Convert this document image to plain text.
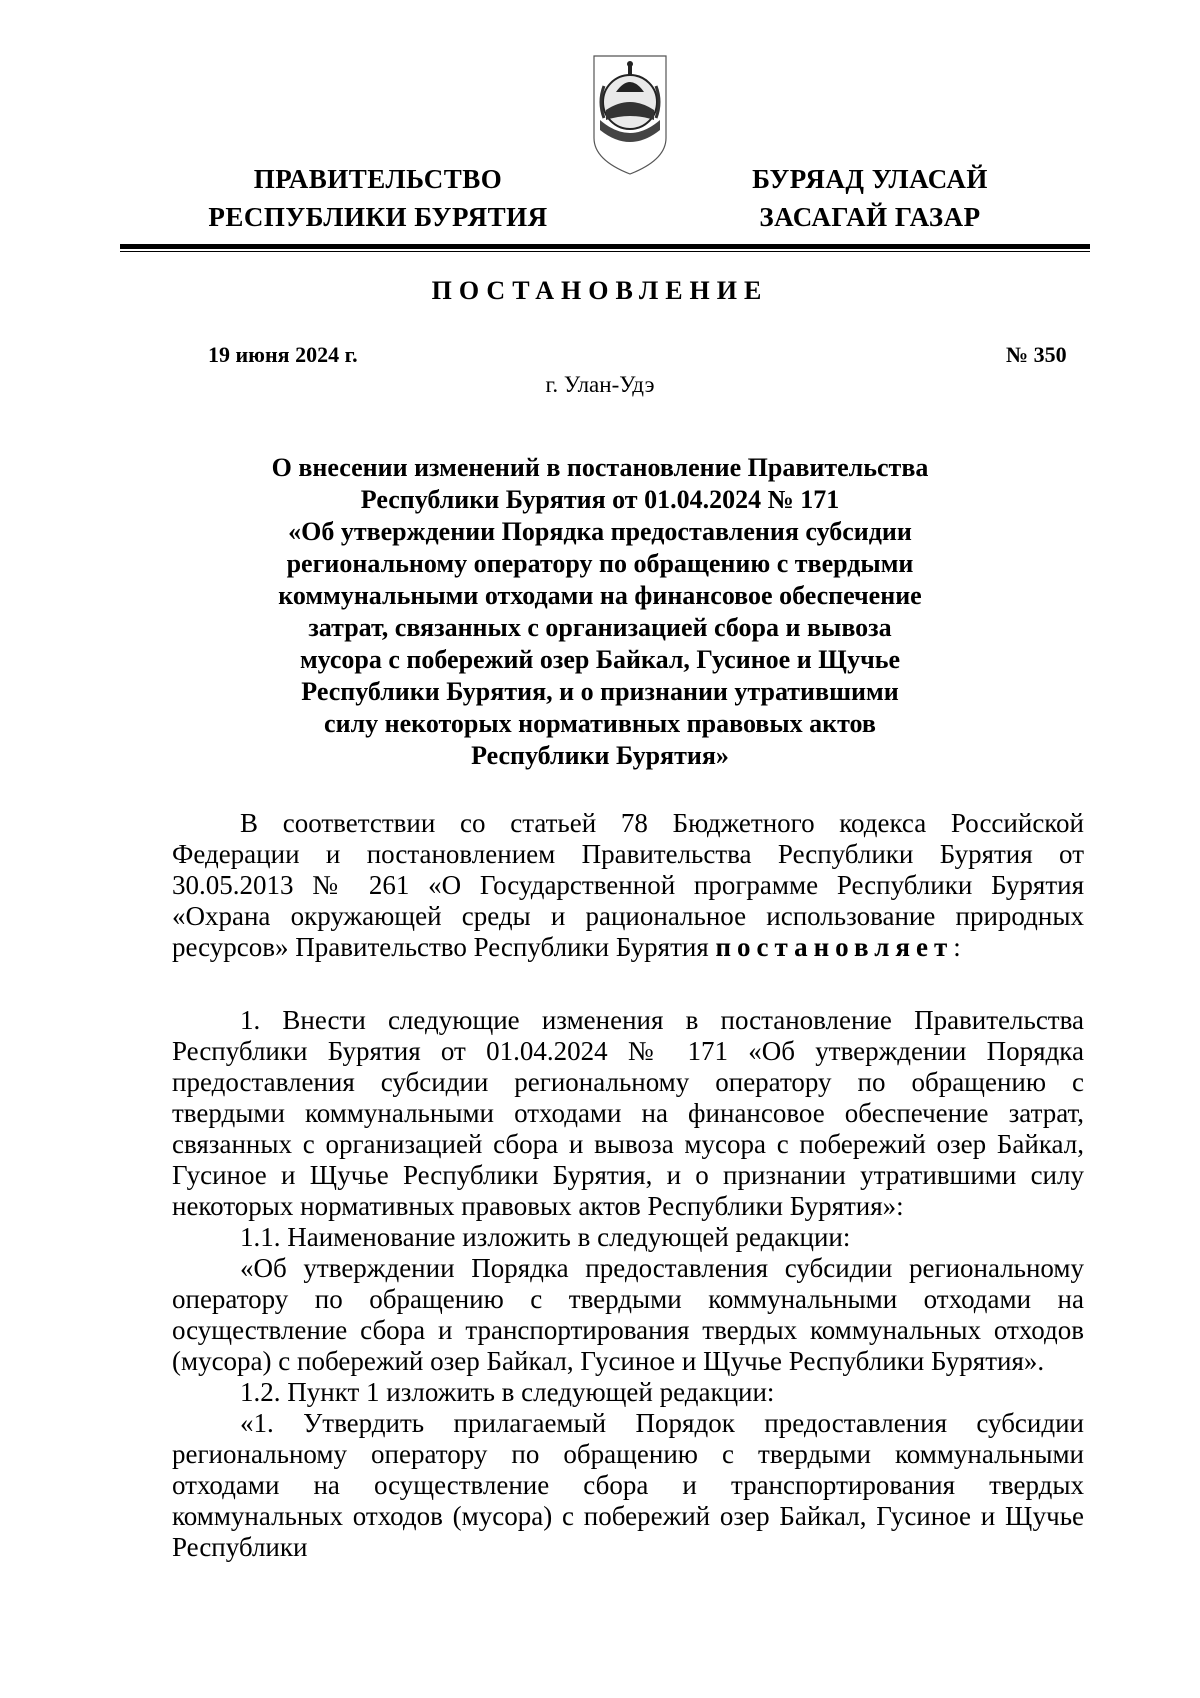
ПРАВИТЕЛЬСТВО
РЕСПУБЛИКИ БУРЯТИЯ
БУРЯАД УЛАСАЙ
ЗАСАГАЙ ГАЗАР
ПОСТАНОВЛЕНИЕ
19 июня 2024 г.	№ 350
г. Улан-Удэ
О внесении изменений в постановление Правительства
Республики Бурятия от 01.04.2024 № 171
«Об утверждении Порядка предоставления субсидии
региональному оператору по обращению с твердыми
коммунальными отходами на финансовое обеспечение
затрат, связанных с организацией сбора и вывоза
мусора с побережий озер Байкал, Гусиное и Щучье
Республики Бурятия, и о признании утратившими
силу некоторых нормативных правовых актов
Республики Бурятия»

В соответствии со статьей 78 Бюджетного кодекса Российской Федерации и постановлением Правительства Республики Бурятия от 30.05.2013 № 261 «О Государственной программе Республики Бурятия «Охрана окружающей среды и рациональное использование природных ресурсов» Правительство Республики Бурятия постановляет:

1. Внести следующие изменения в постановление Правительства Республики Бурятия от 01.04.2024 № 171 «Об утверждении Порядка предоставления субсидии региональному оператору по обращению с твердыми коммунальными отходами на финансовое обеспечение затрат, связанных с организацией сбора и вывоза мусора с побережий озер Байкал, Гусиное и Щучье Республики Бурятия, и о признании утратившими силу некоторых нормативных правовых актов Республики Бурятия»:

1.1. Наименование изложить в следующей редакции:

«Об утверждении Порядка предоставления субсидии региональному оператору по обращению с твердыми коммунальными отходами на осуществление сбора и транспортирования твердых коммунальных отходов (мусора) с побережий озер Байкал, Гусиное и Щучье Республики Бурятия».

1.2. Пункт 1 изложить в следующей редакции:

«1. Утвердить прилагаемый Порядок предоставления субсидии региональному оператору по обращению с твердыми коммунальными отходами на осуществление сбора и транспортирования твердых коммунальных отходов (мусора) с побережий озер Байкал, Гусиное и Щучье Республики
